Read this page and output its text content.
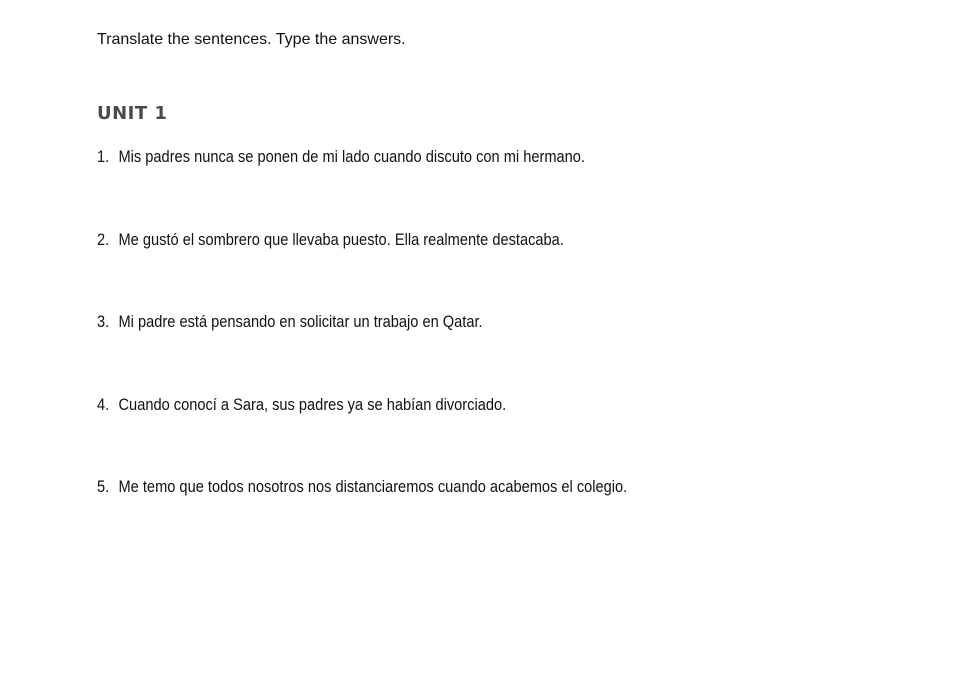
Translate the sentences. Type the answers.
UNIT 1
1. Mis padres nunca se ponen de mi lado cuando discuto con mi hermano.
2. Me gustó el sombrero que llevaba puesto. Ella realmente destacaba.
3. Mi padre está pensando en solicitar un trabajo en Qatar.
4. Cuando conocí a Sara, sus padres ya se habían divorciado.
5. Me temo que todos nosotros nos distanciaremos cuando acabemos el colegio.
